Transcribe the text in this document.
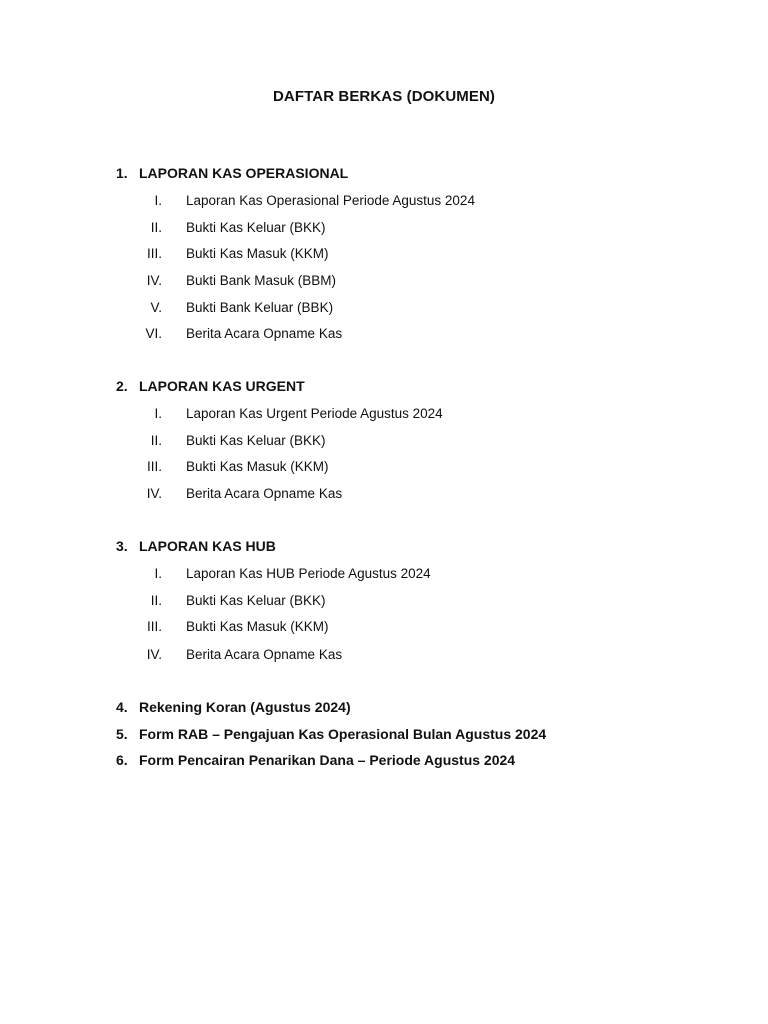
DAFTAR BERKAS (DOKUMEN)
1. LAPORAN KAS OPERASIONAL
I. Laporan Kas Operasional Periode Agustus 2024
II. Bukti Kas Keluar (BKK)
III. Bukti Kas Masuk (KKM)
IV. Bukti Bank Masuk (BBM)
V. Bukti Bank Keluar (BBK)
VI. Berita Acara Opname Kas
2. LAPORAN KAS URGENT
I. Laporan Kas Urgent Periode Agustus 2024
II. Bukti Kas Keluar (BKK)
III. Bukti Kas Masuk (KKM)
IV. Berita Acara Opname Kas
3. LAPORAN KAS HUB
I. Laporan Kas HUB Periode Agustus 2024
II. Bukti Kas Keluar (BKK)
III. Bukti Kas Masuk (KKM)
IV. Berita Acara Opname Kas
4. Rekening Koran (Agustus 2024)
5. Form RAB – Pengajuan Kas Operasional Bulan Agustus 2024
6. Form Pencairan Penarikan Dana – Periode Agustus 2024
